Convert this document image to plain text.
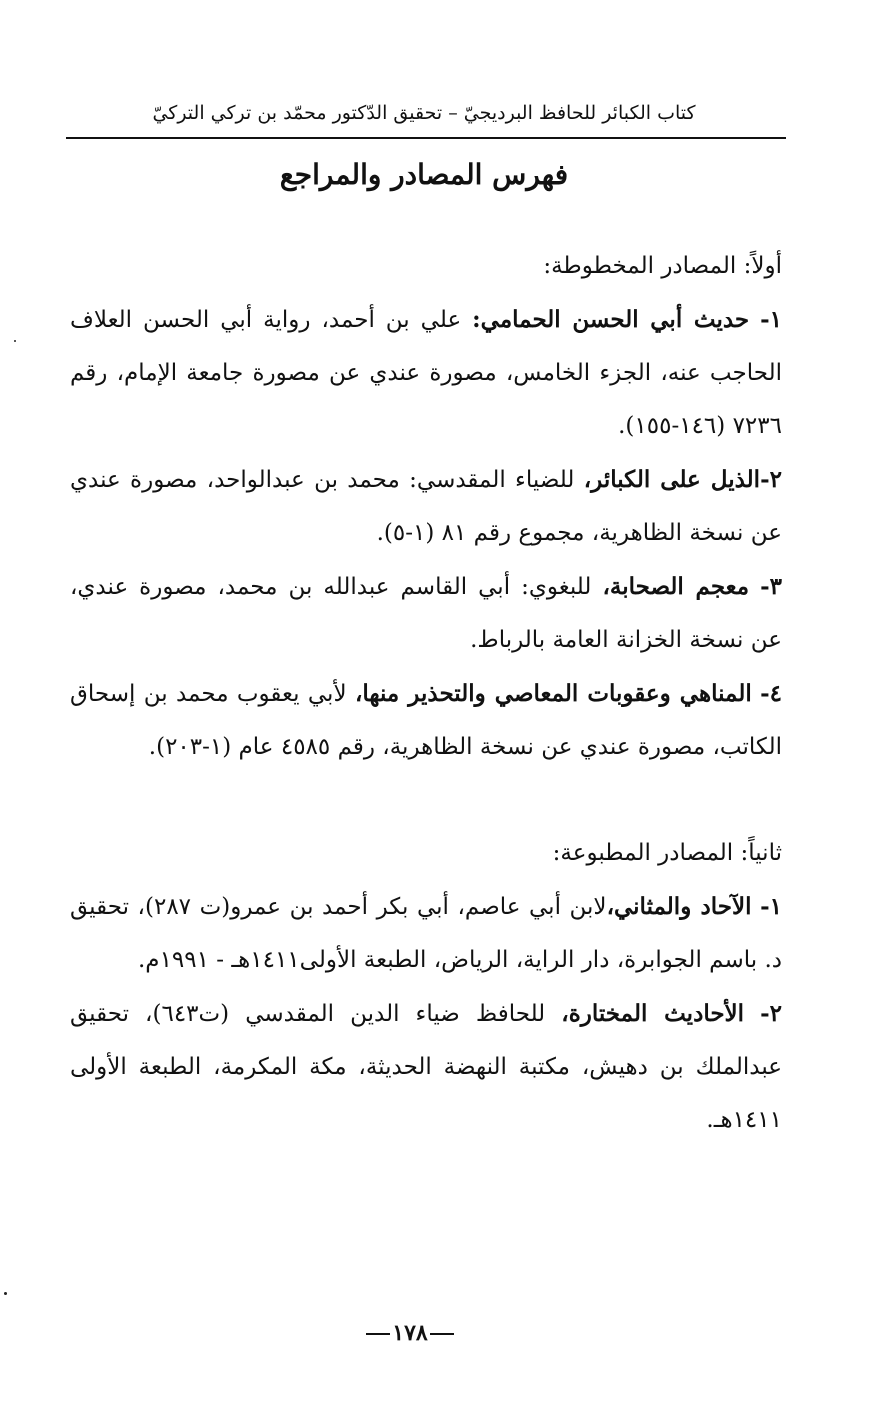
كتاب الكبائر للحافظ البرديجيّ – تحقيق الدّكتور محمّد بن تركي التركيّ
فهرس المصادر والمراجع

أولاً: المصادر المخطوطة:

١- حديث أبي الحسن الحمامي: علي بن أحمد، رواية أبي الحسن العلاف الحاجب عنه، الجزء الخامس، مصورة عندي عن مصورة جامعة الإمام، رقم ٧٢٣٦ (١٤٦-١٥٥).

٢-الذيل على الكبائر، للضياء المقدسي: محمد بن عبدالواحد، مصورة عندي عن نسخة الظاهرية، مجموع رقم ٨١ (١-٥).

٣- معجم الصحابة، للبغوي: أبي القاسم عبدالله بن محمد، مصورة عندي، عن نسخة الخزانة العامة بالرباط.

٤- المناهي وعقوبات المعاصي والتحذير منها، لأبي يعقوب محمد بن إسحاق الكاتب، مصورة عندي عن نسخة الظاهرية، رقم ٤٥٨٥ عام (١-٢٠٣).

ثانياً: المصادر المطبوعة:

١- الآحاد والمثاني،لابن أبي عاصم، أبي بكر أحمد بن عمرو(ت ٢٨٧)، تحقيق د. باسم الجوابرة، دار الراية، الرياض، الطبعة الأولى١٤١١هـ - ١٩٩١م.

٢- الأحاديث المختارة، للحافظ ضياء الدين المقدسي (ت٦٤٣)، تحقيق عبدالملك بن دهيش، مكتبة النهضة الحديثة، مكة المكرمة، الطبعة الأولى ١٤١١هـ.

١٧٨
